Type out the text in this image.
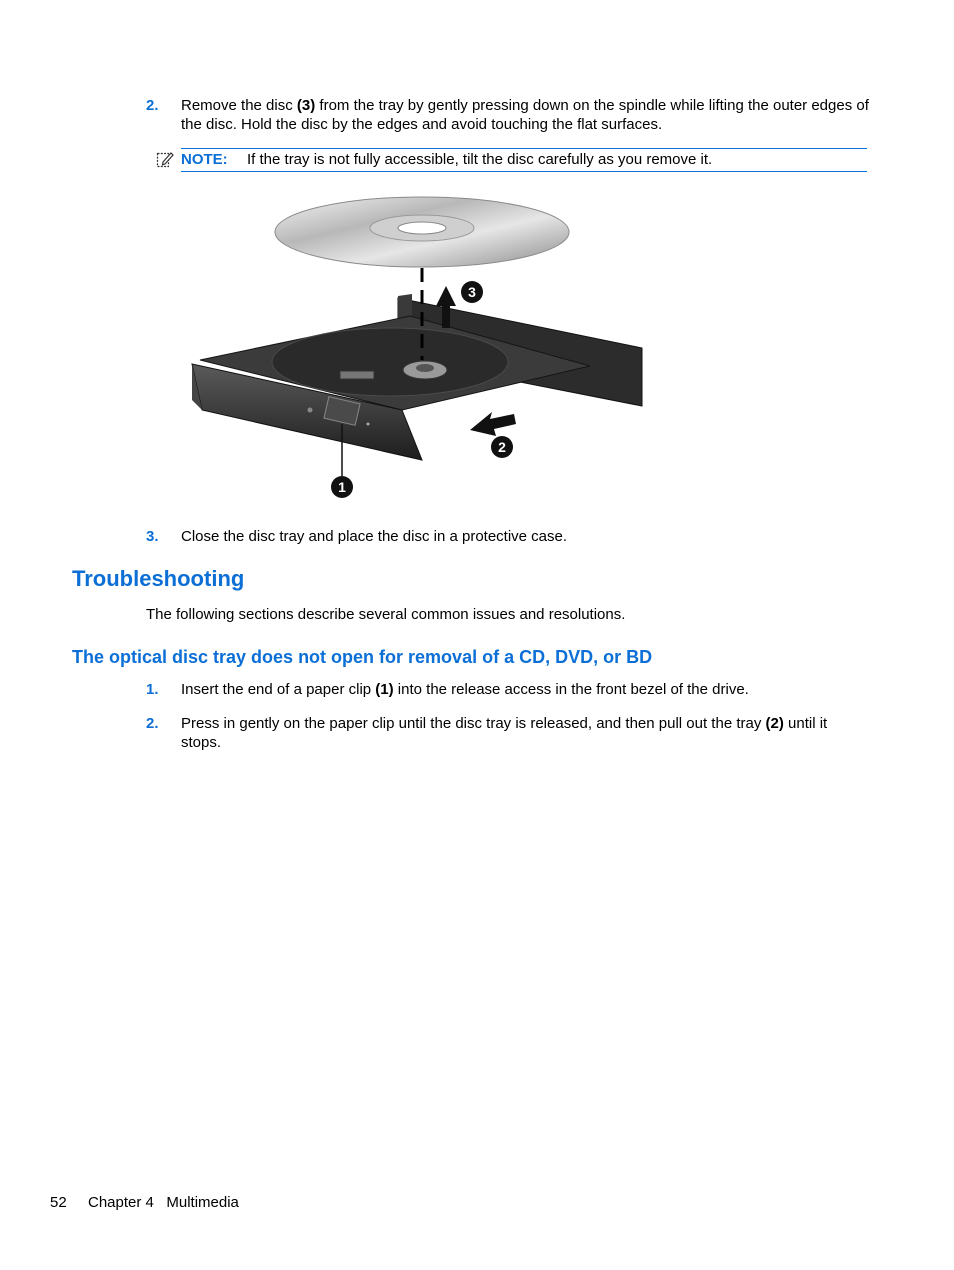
2. Remove the disc (3) from the tray by gently pressing down on the spindle while lifting the outer edges of the disc. Hold the disc by the edges and avoid touching the flat surfaces.
NOTE: If the tray is not fully accessible, tilt the disc carefully as you remove it.
3
2
1
3. Close the disc tray and place the disc in a protective case.
Troubleshooting
The following sections describe several common issues and resolutions.
The optical disc tray does not open for removal of a CD, DVD, or BD
1. Insert the end of a paper clip (1) into the release access in the front bezel of the drive.
2. Press in gently on the paper clip until the disc tray is released, and then pull out the tray (2) until it stops.
52 Chapter 4   Multimedia
